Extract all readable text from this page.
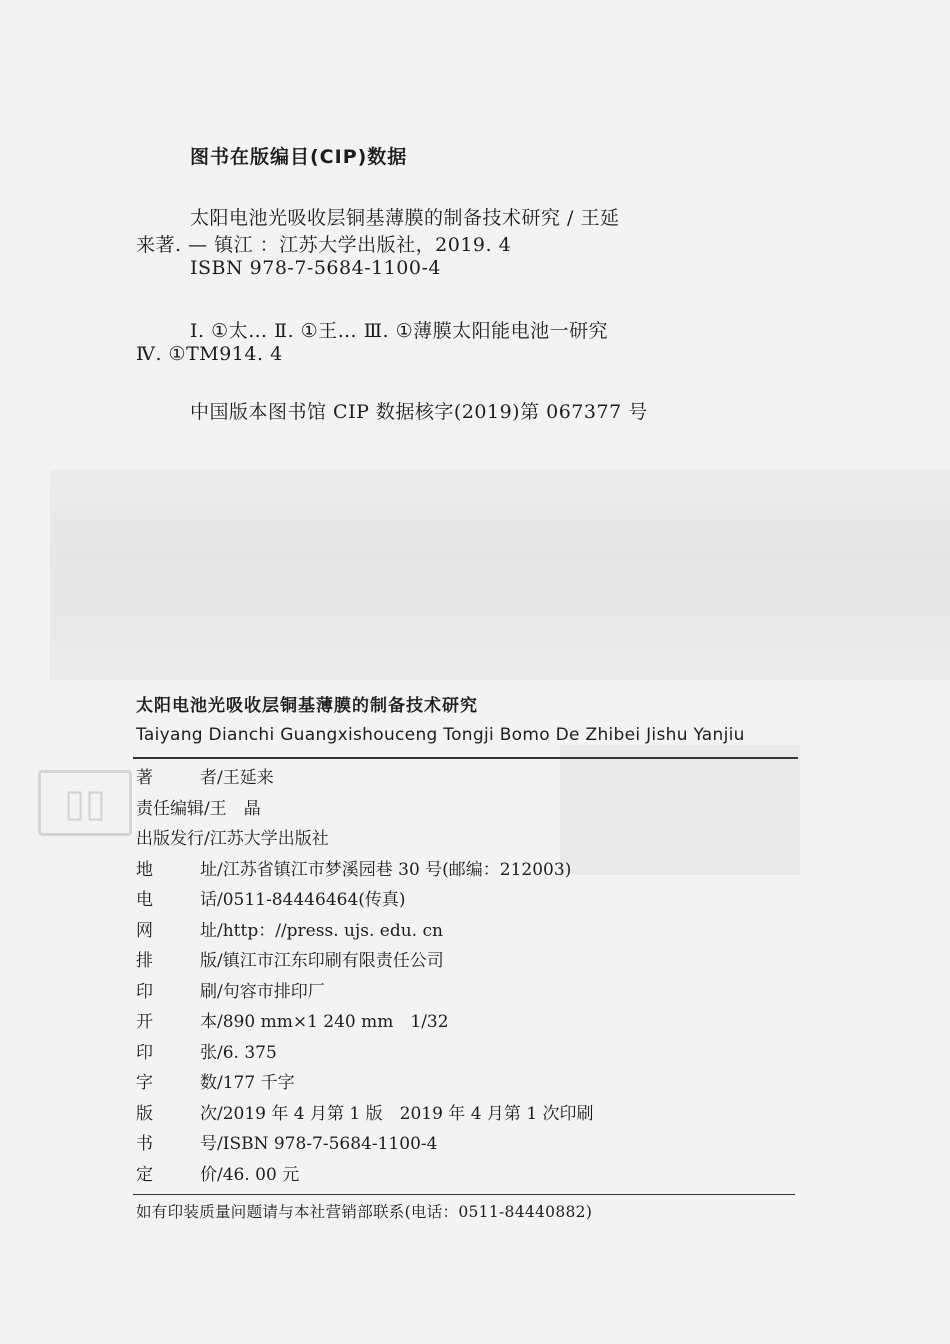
▯▯
图书在版编目(CIP)数据
太阳电池光吸收层铜基薄膜的制备技术研究 / 王延
来著. — 镇江 ：江苏大学出版社，2019. 4
ISBN 978-7-5684-1100-4
Ⅰ. ①太… Ⅱ. ①王… Ⅲ. ①薄膜太阳能电池一研究
Ⅳ. ①TM914. 4
中国版本图书馆 CIP 数据核字(2019)第 067377 号
太阳电池光吸收层铜基薄膜的制备技术研究
Taiyang Dianchi Guangxishouceng Tongji Bomo De Zhibei Jishu Yanjiu
著	者 /王延来
责任编辑 /王　晶
出版发行 /江苏大学出版社
地	址 /江苏省镇江市梦溪园巷 30 号(邮编：212003)
电	话 /0511-84446464(传真)
网	址 /http：//press. ujs. edu. cn
排	版 /镇江市江东印刷有限责任公司
印	刷 /句容市排印厂
开	本 /890 mm×1 240 mm　1/32
印	张 /6. 375
字	数 /177 千字
版	次 /2019 年 4 月第 1 版　2019 年 4 月第 1 次印刷
书	号 /ISBN 978-7-5684-1100-4
定	价 /46. 00 元
如有印装质量问题请与本社营销部联系(电话：0511-84440882)
